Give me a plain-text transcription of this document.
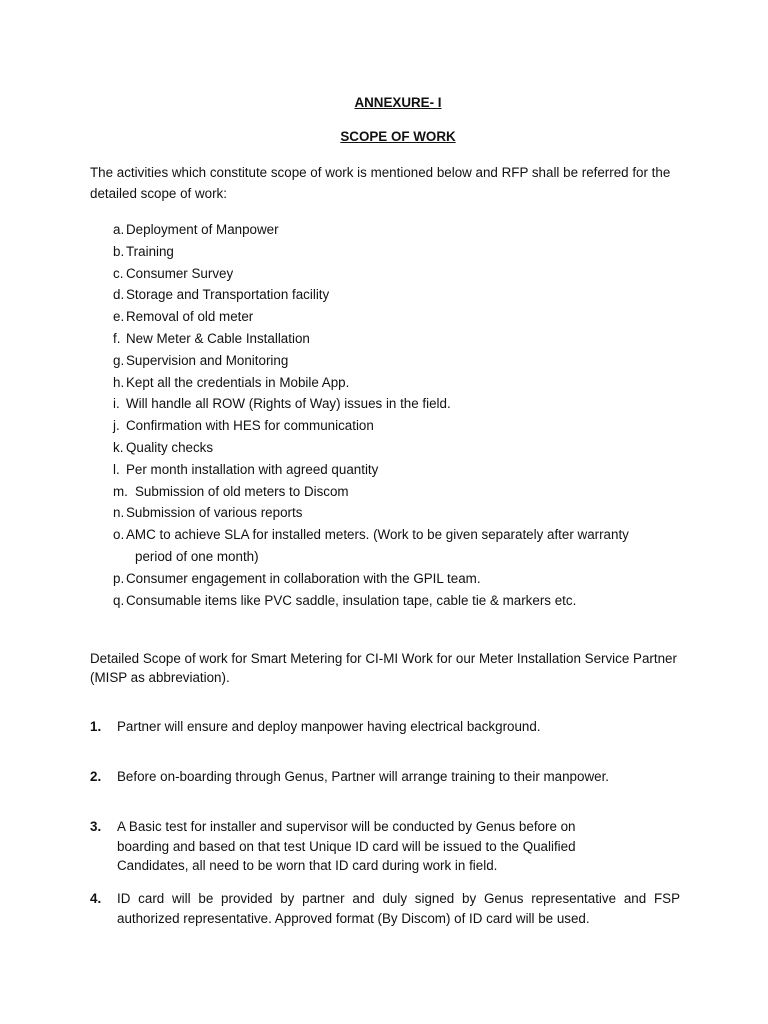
ANNEXURE- I
SCOPE OF WORK
The activities which constitute scope of work is mentioned below and RFP shall be referred for the detailed scope of work:
a. Deployment of Manpower
b. Training
c. Consumer Survey
d. Storage and Transportation facility
e. Removal of old meter
f. New Meter & Cable Installation
g. Supervision and Monitoring
h. Kept all the credentials in Mobile App.
i. Will handle all ROW (Rights of Way) issues in the field.
j. Confirmation with HES for communication
k. Quality checks
l. Per month installation with agreed quantity
m. Submission of old meters to Discom
n. Submission of various reports
o. AMC to achieve SLA for installed meters. (Work to be given separately after warranty
period of one month)
p. Consumer engagement in collaboration with the GPIL team.
q. Consumable items like PVC saddle, insulation tape, cable tie & markers etc.
Detailed Scope of work for Smart Metering for CI-MI Work for our Meter Installation Service Partner (MISP as abbreviation).
1.	Partner will ensure and deploy manpower having electrical background.
2.	Before on-boarding through Genus, Partner will arrange training to their manpower.
3.	A Basic test for installer and supervisor will be conducted by Genus before on boarding and based on that test Unique ID card will be issued to the Qualified Candidates, all need to be worn that ID card during work in field.
4.	ID card will be provided by partner and duly signed by Genus representative and FSP authorized representative. Approved format (By Discom) of ID card will be used.
